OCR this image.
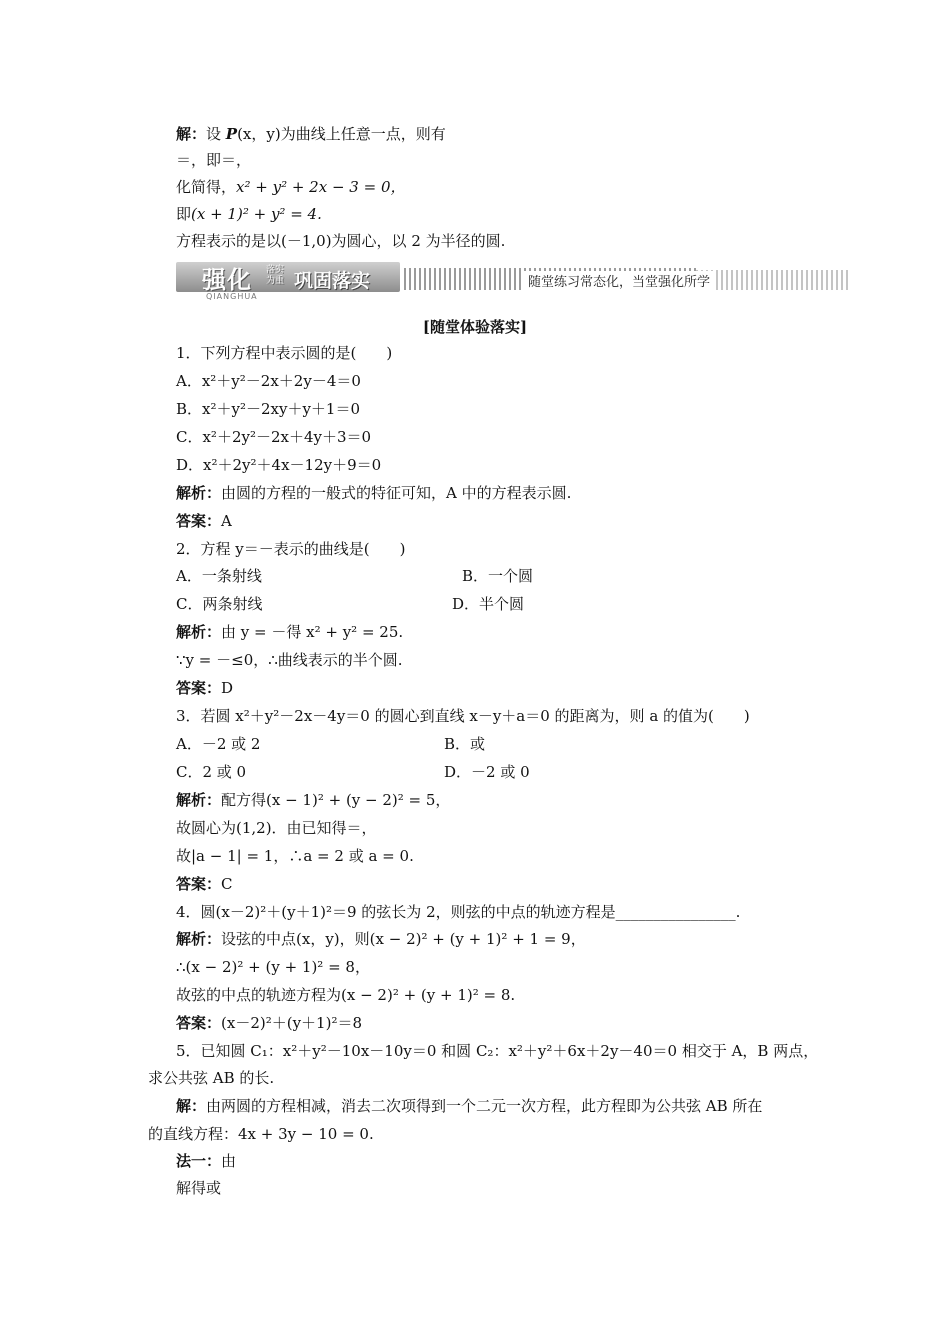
解：设 P(x，y)为曲线上任意一点，则有
＝，即＝，
化简得，x² + y² + 2x − 3 = 0，
即(x + 1)² + y² = 4.
方程表示的是以(－1,0)为圆心，以 2 为半径的圆.
强化 落实为重 巩固落实
QIANGHUA
随堂练习常态化，当堂强化所学
[随堂体验落实]
1．下列方程中表示圆的是(　　)
A．x²＋y²－2x＋2y－4＝0
B．x²＋y²－2xy＋y＋1＝0
C．x²＋2y²－2x＋4y＋3＝0
D．x²＋2y²＋4x－12y＋9＝0
解析：由圆的方程的一般式的特征可知，A 中的方程表示圆.
答案：A
2．方程 y＝－表示的曲线是(　　)
A．一条射线	B．一个圆
C．两条射线	D．半个圆
解析：由 y = －得 x² + y² = 25.
∵y = －≤0，∴曲线表示的半个圆.
答案：D
3．若圆 x²＋y²－2x－4y＝0 的圆心到直线 x－y＋a＝0 的距离为，则 a 的值为(　　)
A．－2 或 2	B．或
C．2 或 0	D．－2 或 0
解析：配方得(x − 1)² + (y − 2)² = 5，
故圆心为(1,2)．由已知得＝，
故|a − 1| = 1，∴a = 2 或 a = 0.
答案：C
4．圆(x－2)²＋(y＋1)²＝9 的弦长为 2，则弦的中点的轨迹方程是________________.
解析：设弦的中点(x，y)，则(x − 2)² + (y + 1)² + 1 = 9，
∴(x − 2)² + (y + 1)² = 8，
故弦的中点的轨迹方程为(x − 2)² + (y + 1)² = 8.
答案：(x－2)²＋(y＋1)²＝8
5．已知圆 C₁：x²＋y²－10x－10y＝0 和圆 C₂：x²＋y²＋6x＋2y－40＝0 相交于 A，B 两点，
求公共弦 AB 的长.
解：由两圆的方程相减，消去二次项得到一个二元一次方程，此方程即为公共弦 AB 所在
的直线方程：4x + 3y − 10 = 0.
法一：由
解得或
